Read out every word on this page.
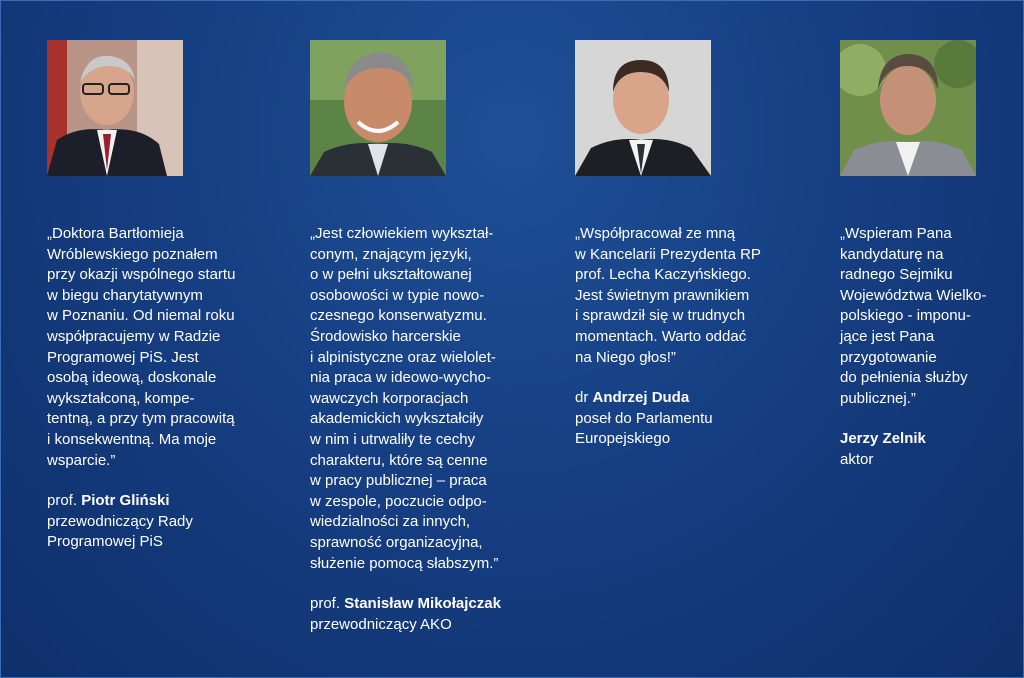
„Doktora Bartłomieja
Wróblewskiego poznałem
przy okazji wspólnego startu
w biegu charytatywnym
w Poznaniu. Od niemal roku
współpracujemy w Radzie
Programowej PiS. Jest
osobą ideową, doskonale
wykształconą, kompe-
tentną, a przy tym pracowitą
i konsekwentną. Ma moje
wsparcie.”

prof. Piotr Gliński
przewodniczący Rady
Programowej PiS

„Jest człowiekiem wykształ-
conym, znającym języki,
o w pełni ukształtowanej
osobowości w typie nowo-
czesnego konserwatyzmu.
Środowisko harcerskie
i alpinistyczne oraz wielolet-
nia praca w ideowo-wycho-
wawczych korporacjach
akademickich wykształciły
w nim i utrwaliły te cechy
charakteru, które są cenne
w pracy publicznej – praca
w zespole, poczucie odpo-
wiedzialności za innych,
sprawność organizacyjna,
służenie pomocą słabszym.”

prof. Stanisław Mikołajczak
przewodniczący AKO

„Współpracował ze mną
w Kancelarii Prezydenta RP
prof. Lecha Kaczyńskiego.
Jest świetnym prawnikiem
i sprawdził się w trudnych
momentach. Warto oddać
na Niego głos!”

dr Andrzej Duda
poseł do Parlamentu
Europejskiego

„Wspieram Pana
kandydaturę na
radnego Sejmiku
Województwa Wielko-
polskiego - imponu-
jące jest Pana
przygotowanie
do pełnienia służby
publicznej.”

Jerzy Zelnik
aktor
